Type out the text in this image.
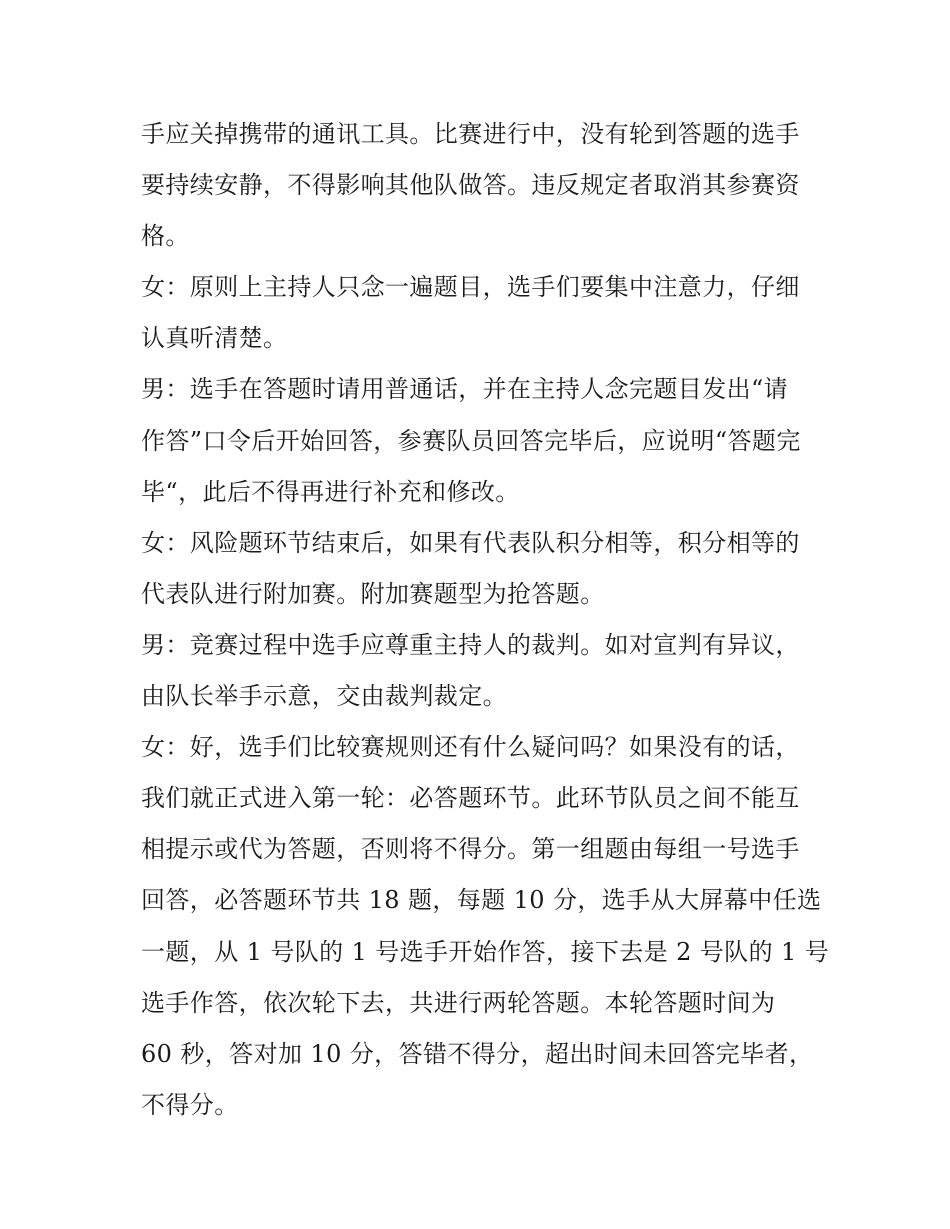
手应关掉携带的通讯工具。比赛进行中，没有轮到答题的选手
要持续安静，不得影响其他队做答。违反规定者取消其参赛资
格。
女：原则上主持人只念一遍题目，选手们要集中注意力，仔细
认真听清楚。
男：选手在答题时请用普通话，并在主持人念完题目发出“请
作答”口令后开始回答，参赛队员回答完毕后，应说明“答题完
毕“，此后不得再进行补充和修改。
女：风险题环节结束后，如果有代表队积分相等，积分相等的
代表队进行附加赛。附加赛题型为抢答题。
男：竞赛过程中选手应尊重主持人的裁判。如对宣判有异议，
由队长举手示意，交由裁判裁定。
女：好，选手们比较赛规则还有什么疑问吗？如果没有的话，
我们就正式进入第一轮：必答题环节。此环节队员之间不能互
相提示或代为答题，否则将不得分。第一组题由每组一号选手
回答，必答题环节共 18 题，每题 10 分，选手从大屏幕中任选
一题，从 1 号队的 1 号选手开始作答，接下去是 2 号队的 1 号
选手作答，依次轮下去，共进行两轮答题。本轮答题时间为
60 秒，答对加 10 分，答错不得分，超出时间未回答完毕者，
不得分。
